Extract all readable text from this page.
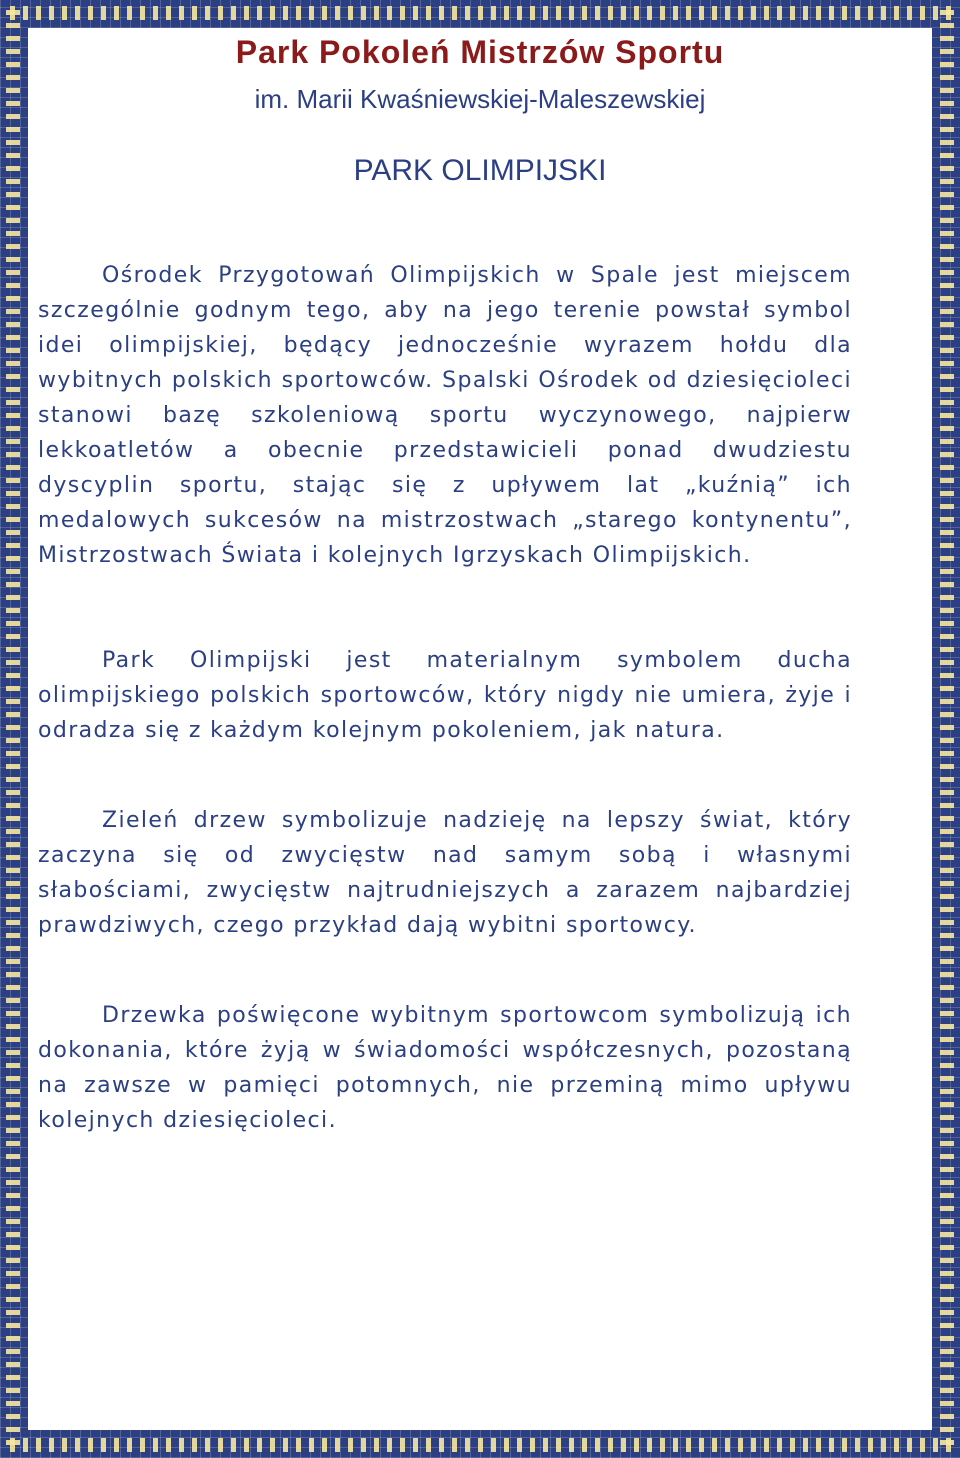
Park Pokoleń Mistrzów Sportu
im. Marii Kwaśniewskiej-Maleszewskiej
PARK OLIMPIJSKI

Ośrodek Przygotowań Olimpijskich w Spale jest miejscem szczególnie godnym tego, aby na jego terenie powstał symbol idei olimpijskiej, będący jednocześnie wyrazem hołdu dla wybitnych polskich sportowców. Spalski Ośrodek od dziesięcioleci stanowi bazę szkoleniową sportu wyczynowego, najpierw lekkoatletów a obecnie przedstawicieli ponad dwudziestu dyscyplin sportu, stając się z upływem lat „kuźnią” ich medalowych sukcesów na mistrzostwach „starego kontynentu”, Mistrzostwach Świata i kolejnych Igrzyskach Olimpijskich.

Park Olimpijski jest materialnym symbolem ducha olimpijskiego polskich sportowców, który nigdy nie umiera, żyje i odradza się z każdym kolejnym pokoleniem, jak natura.

Zieleń drzew symbolizuje nadzieję na lepszy świat, który zaczyna się od zwycięstw nad samym sobą i własnymi słabościami, zwycięstw najtrudniejszych a zarazem najbardziej prawdziwych, czego przykład dają wybitni sportowcy.

Drzewka poświęcone wybitnym sportowcom symbolizują ich dokonania, które żyją w świadomości współczesnych, pozostaną na zawsze w pamięci potomnych, nie przeminą mimo upływu kolejnych dziesięcioleci.
